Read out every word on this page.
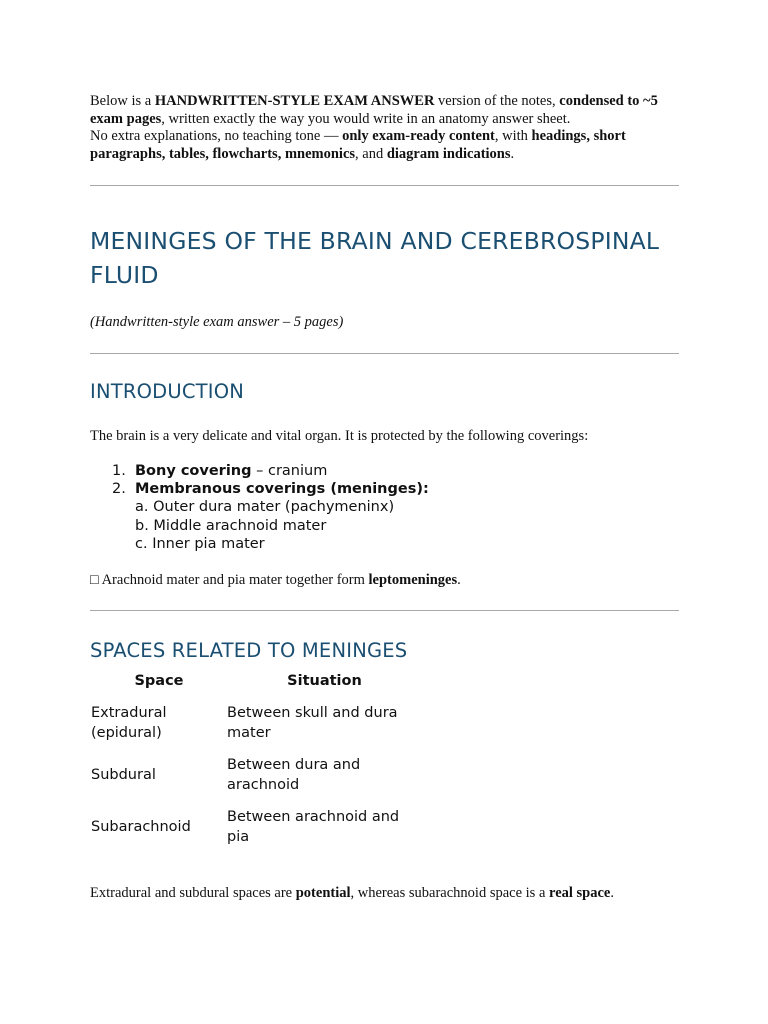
Below is a HANDWRITTEN-STYLE EXAM ANSWER version of the notes, condensed to ~5 exam pages, written exactly the way you would write in an anatomy answer sheet.
No extra explanations, no teaching tone — only exam-ready content, with headings, short paragraphs, tables, flowcharts, mnemonics, and diagram indications.

MENINGES OF THE BRAIN AND CEREBROSPINAL FLUID
(Handwritten-style exam answer – 5 pages)
INTRODUCTION
The brain is a very delicate and vital organ. It is protected by the following coverings:
1. Bony covering – cranium
2. Membranous coverings (meninges):
a. Outer dura mater (pachymeninx)
b. Middle arachnoid mater
c. Inner pia mater
□ Arachnoid mater and pia mater together form leptomeninges.
SPACES RELATED TO MENINGES
Space	Situation
Extradural (epidural)	Between skull and dura mater
Subdural	Between dura and arachnoid
Subarachnoid	Between arachnoid and pia
Extradural and subdural spaces are potential, whereas subarachnoid space is a real space.
